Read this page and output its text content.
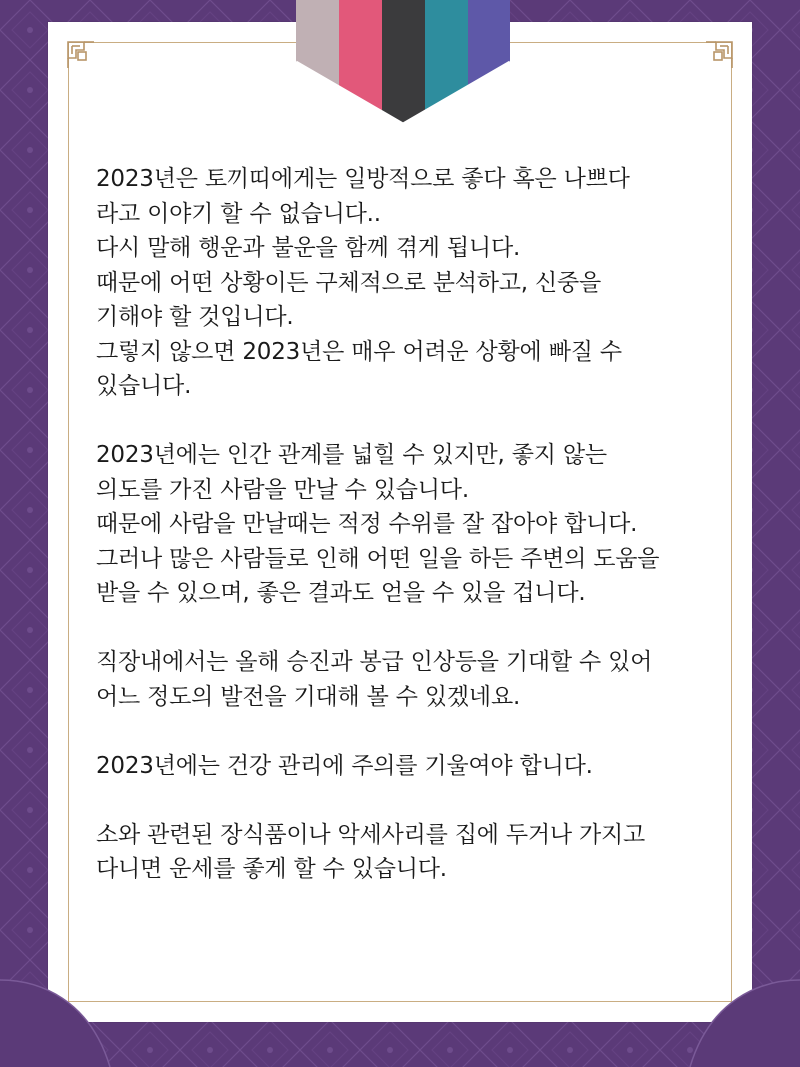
2023년은 토끼띠에게는 일방적으로 좋다 혹은 나쁘다
라고 이야기 할 수 없습니다..
다시 말해 행운과 불운을 함께 겪게 됩니다.
때문에 어떤 상황이든 구체적으로 분석하고, 신중을
기해야 할 것입니다.
그렇지 않으면 2023년은 매우 어려운 상황에 빠질 수
있습니다.
2023년에는 인간 관계를 넓힐 수 있지만, 좋지 않는
의도를 가진 사람을 만날 수 있습니다.
때문에 사람을 만날때는 적정 수위를 잘 잡아야 합니다.
그러나 많은 사람들로 인해 어떤 일을 하든 주변의 도움을
받을 수 있으며, 좋은 결과도 얻을 수 있을 겁니다.
직장내에서는 올해 승진과 봉급 인상등을 기대할 수 있어
어느 정도의 발전을 기대해 볼 수 있겠네요.
2023년에는 건강 관리에 주의를 기울여야 합니다.
소와 관련된 장식품이나 악세사리를 집에 두거나 가지고
다니면 운세를 좋게 할 수 있습니다.
